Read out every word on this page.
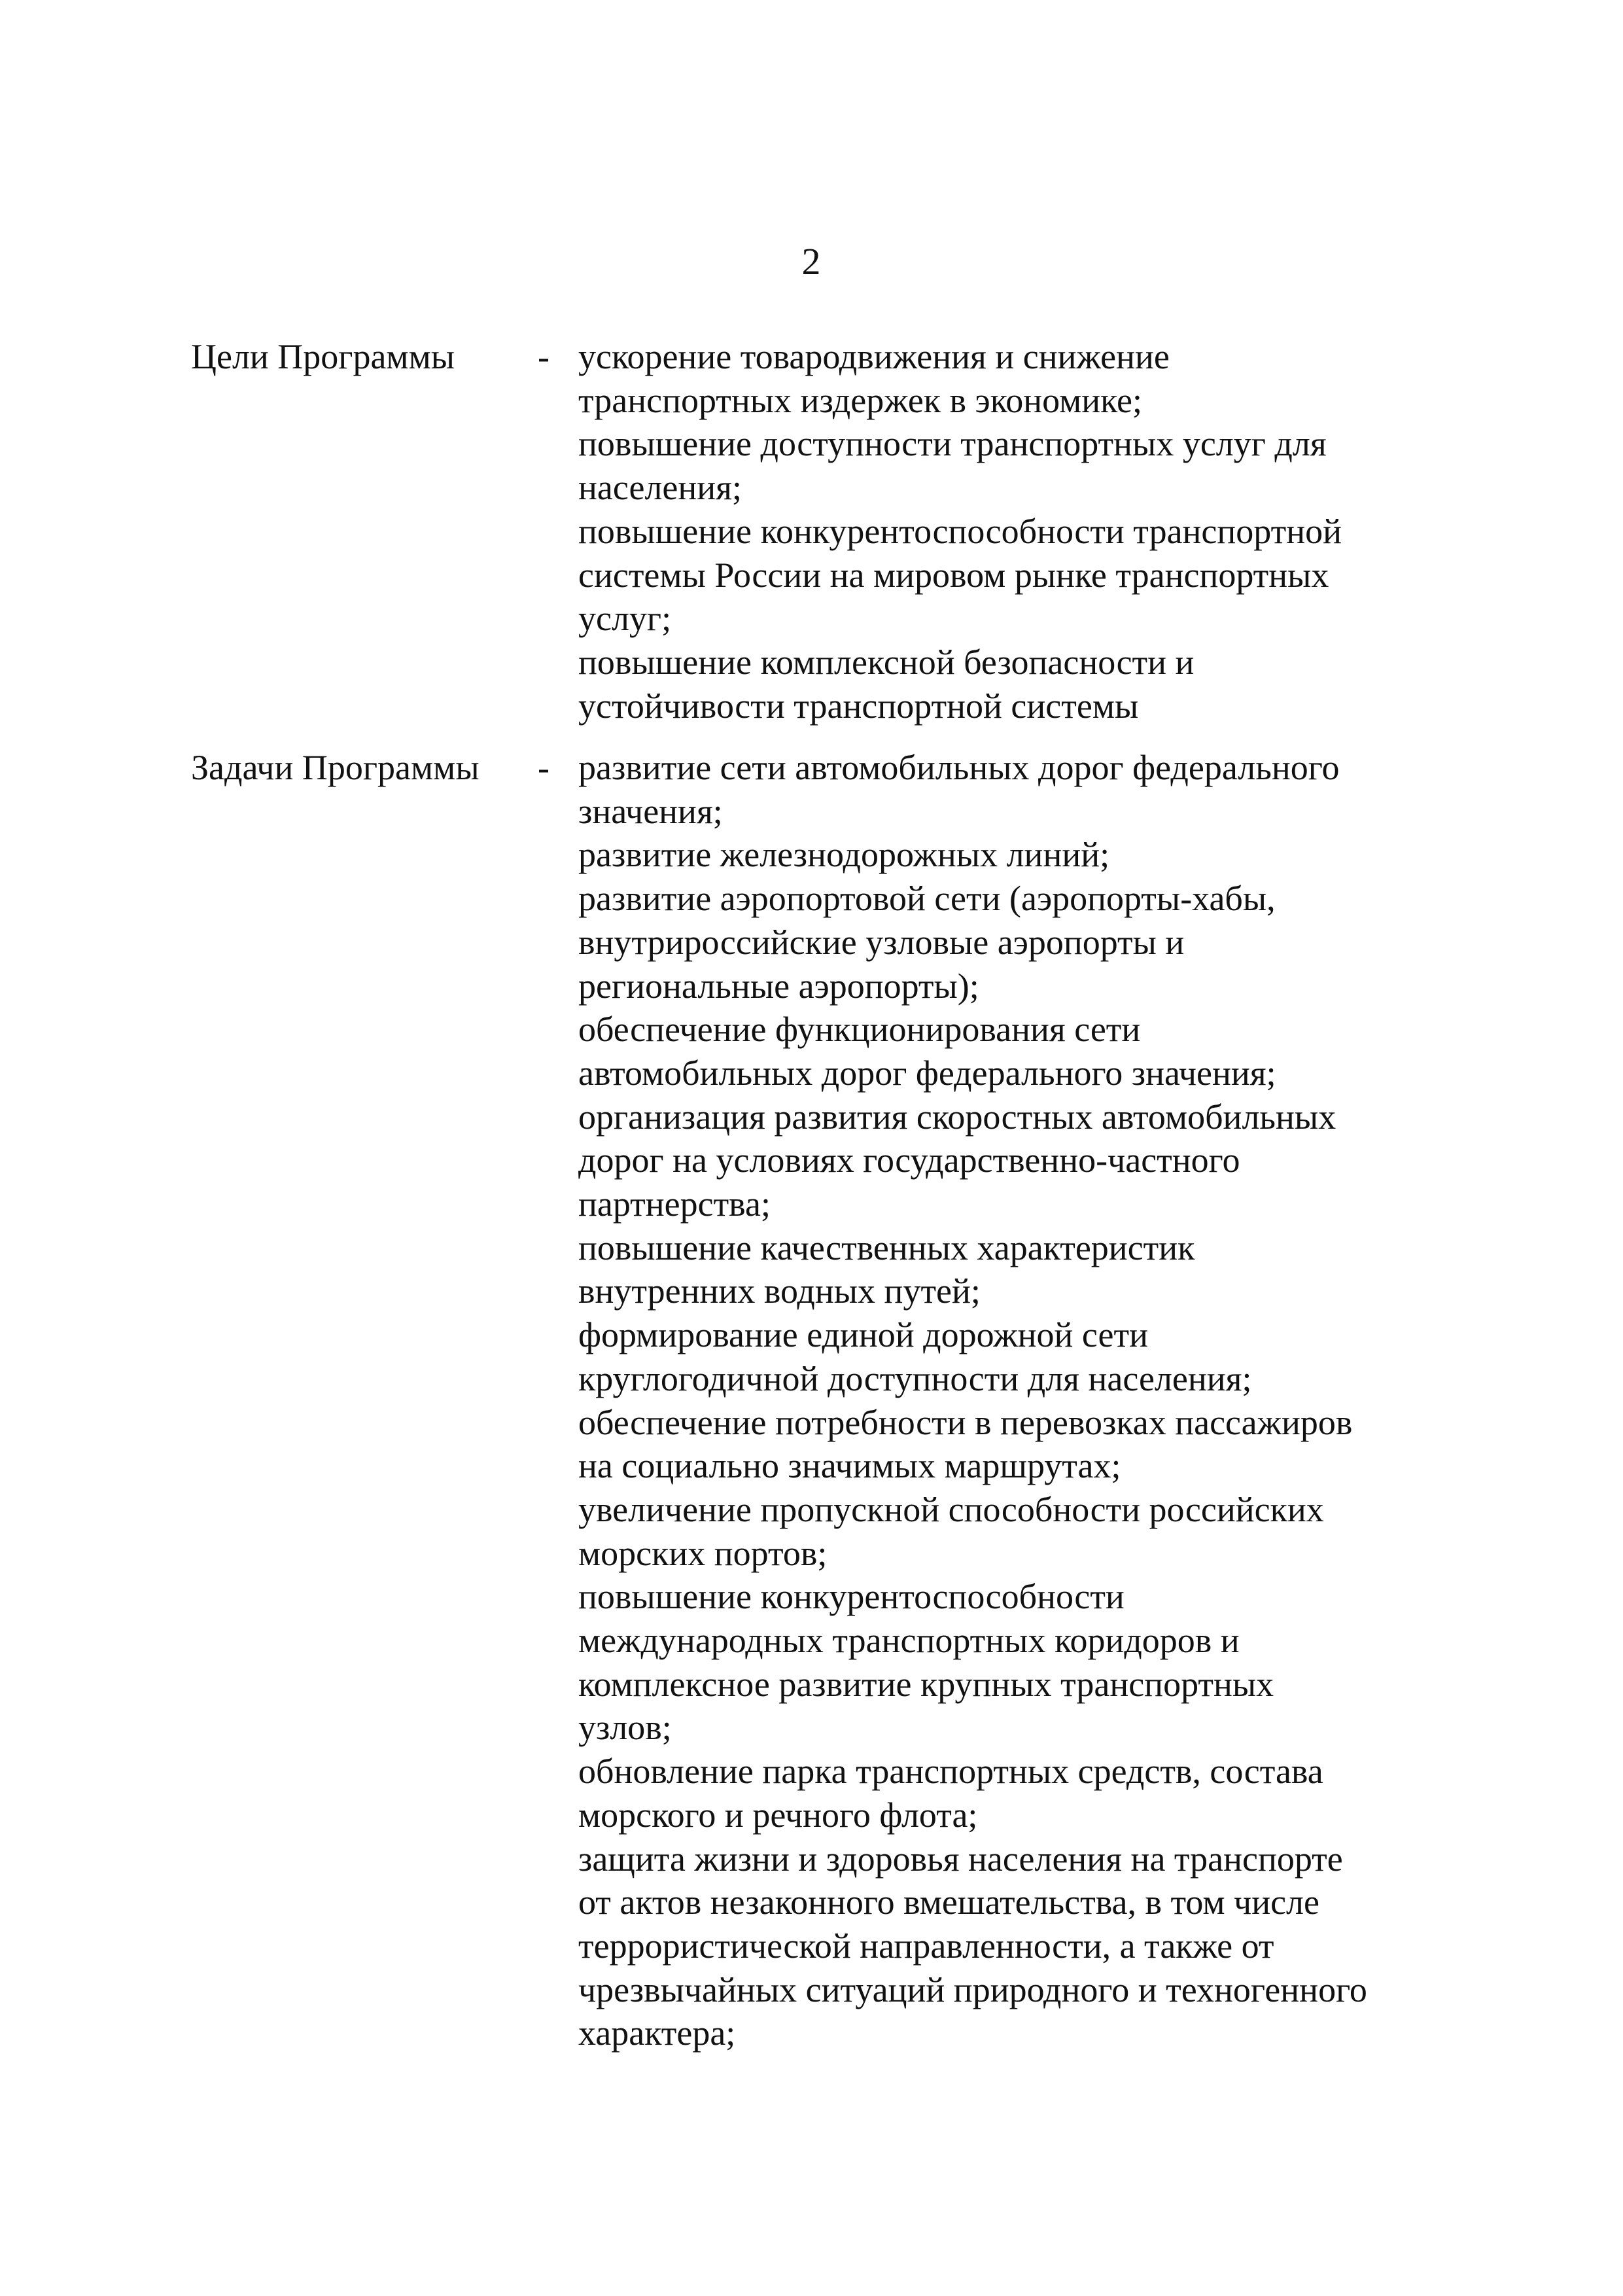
2
Цели Программы - ускорение товародвижения и снижение
транспортных издержек в экономике;
повышение доступности транспортных услуг для
населения;
повышение конкурентоспособности транспортной
системы России на мировом рынке транспортных
услуг;
повышение комплексной безопасности и
устойчивости транспортной системы
Задачи Программы - развитие сети автомобильных дорог федерального
значения;
развитие железнодорожных линий;
развитие аэропортовой сети (аэропорты-хабы,
внутрироссийские узловые аэропорты и
региональные аэропорты);
обеспечение функционирования сети
автомобильных дорог федерального значения;
организация развития скоростных автомобильных
дорог на условиях государственно-частного
партнерства;
повышение качественных характеристик
внутренних водных путей;
формирование единой дорожной сети
круглогодичной доступности для населения;
обеспечение потребности в перевозках пассажиров
на социально значимых маршрутах;
увеличение пропускной способности российских
морских портов;
повышение конкурентоспособности
международных транспортных коридоров и
комплексное развитие крупных транспортных
узлов;
обновление парка транспортных средств, состава
морского и речного флота;
защита жизни и здоровья населения на транспорте
от актов незаконного вмешательства, в том числе
террористической направленности, а также от
чрезвычайных ситуаций природного и техногенного
характера;
